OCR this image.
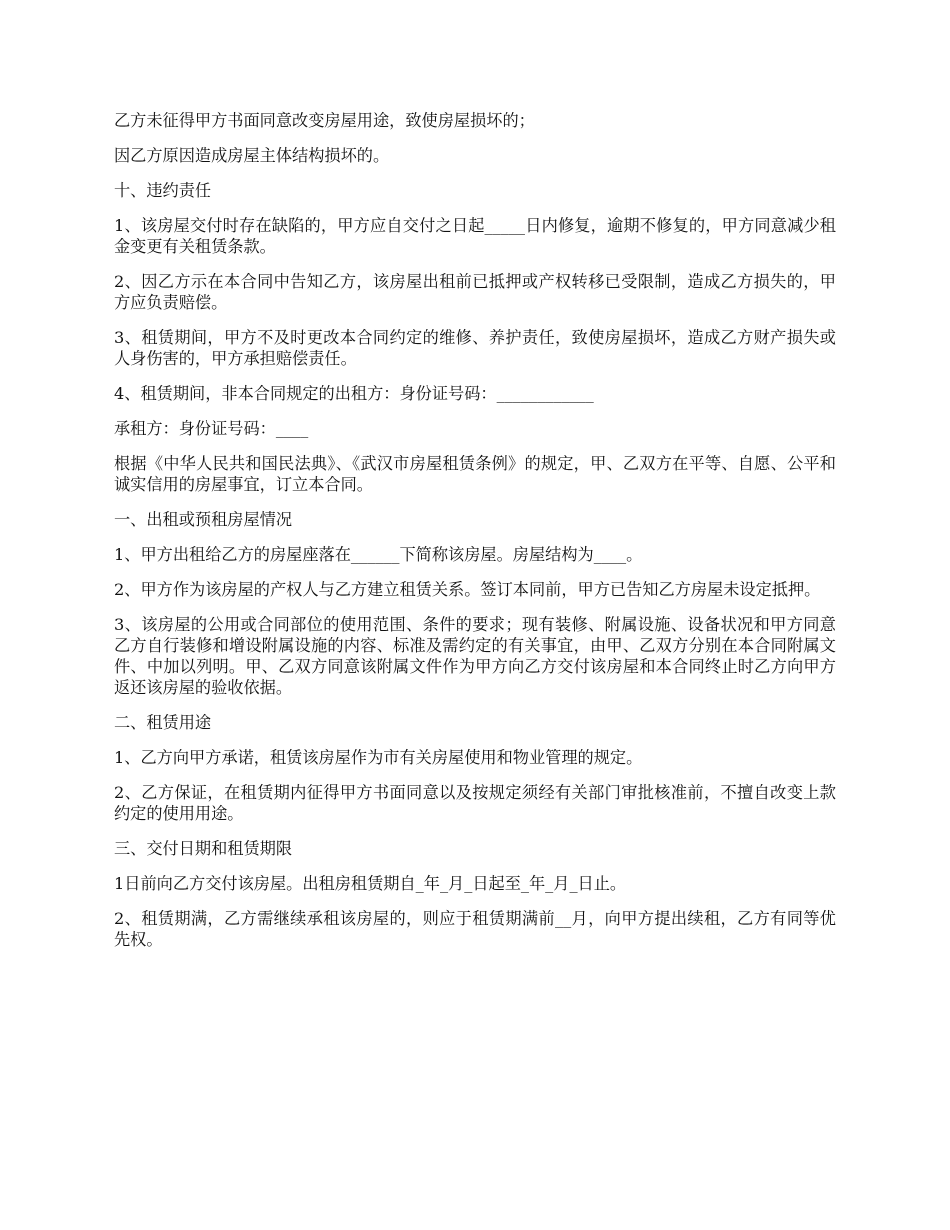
乙方未征得甲方书面同意改变房屋用途，致使房屋损坏的；

因乙方原因造成房屋主体结构损坏的。

十、违约责任

1、该房屋交付时存在缺陷的，甲方应自交付之日起_____日内修复，逾期不修复的，甲方同意减少租金变更有关租赁条款。

2、因乙方示在本合同中告知乙方，该房屋出租前已抵押或产权转移已受限制，造成乙方损失的，甲方应负责赔偿。

3、租赁期间，甲方不及时更改本合同约定的维修、养护责任，致使房屋损坏，造成乙方财产损失或人身伤害的，甲方承担赔偿责任。

4、租赁期间，非本合同规定的出租方：身份证号码：____________

承租方：身份证号码：____

根据《中华人民共和国民法典》、《武汉市房屋租赁条例》的规定，甲、乙双方在平等、自愿、公平和诚实信用的房屋事宜，订立本合同。

一、出租或预租房屋情况

1、甲方出租给乙方的房屋座落在______下简称该房屋。房屋结构为____。

2、甲方作为该房屋的产权人与乙方建立租赁关系。签订本同前，甲方已告知乙方房屋未设定抵押。

3、该房屋的公用或合同部位的使用范围、条件的要求；现有装修、附属设施、设备状况和甲方同意乙方自行装修和增设附属设施的内容、标准及需约定的有关事宜，由甲、乙双方分别在本合同附属文件、中加以列明。甲、乙双方同意该附属文件作为甲方向乙方交付该房屋和本合同终止时乙方向甲方返还该房屋的验收依据。

二、租赁用途

1、乙方向甲方承诺，租赁该房屋作为市有关房屋使用和物业管理的规定。

2、乙方保证，在租赁期内征得甲方书面同意以及按规定须经有关部门审批核准前，不擅自改变上款约定的使用用途。

三、交付日期和租赁期限

1日前向乙方交付该房屋。出租房租赁期自_年_月_日起至_年_月_日止。

2、租赁期满，乙方需继续承租该房屋的，则应于租赁期满前__月，向甲方提出续租，乙方有同等优先权。
